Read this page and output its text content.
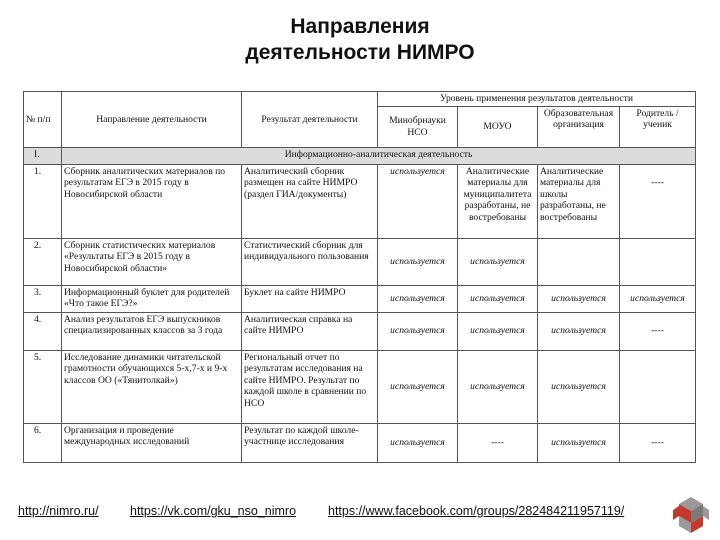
Направления
деятельности НИМРО
№ п/п	Направление деятельности	Результат деятельности	Уровень применения результатов деятельности			
			Минобрнауки НСО	МОУО	Образовательная организация	Родитель / ученик
I.	Информационно-аналитическая деятельность					
1.	Сборник аналитических материалов по результатам ЕГЭ в 2015 году в Новосибирской области	Аналитический сборник размещен на сайте НИМРО (раздел ГИА/документы)	используется	Аналитические материалы для муниципалитета разработаны, не востребованы	Аналитические материалы для школы разработаны, не востребованы	----
2.	Сборник статистических материалов «Результаты ЕГЭ в 2015 году в Новосибирской области»	Статистический сборник для индивидуального пользования	используется	используется		
3.	Информационный буклет для родителей «Что такое ЕГЭ?»	Буклет на сайте НИМРО	используется	используется	используется	используется
4.	Анализ результатов ЕГЭ выпускников специализированных классов за 3 года	Аналитическая справка на сайте НИМРО	используется	используется	используется	----
5.	Исследование динамики читательской грамотности обучающихся 5-х,7-х и 9-х классов ОО («Тянитолкай»)	Региональный отчет по результатам исследования на сайте НИМРО. Результат по каждой школе в сравнении по НСО	используется	используется	используется	
6.	Организация и проведение международных исследований	Результат по каждой школе-участнице исследования	используется	----	используется	----
http://nimro.ru/	https://vk.com/gku_nso_nimro	https://www.facebook.com/groups/282484211957119/
